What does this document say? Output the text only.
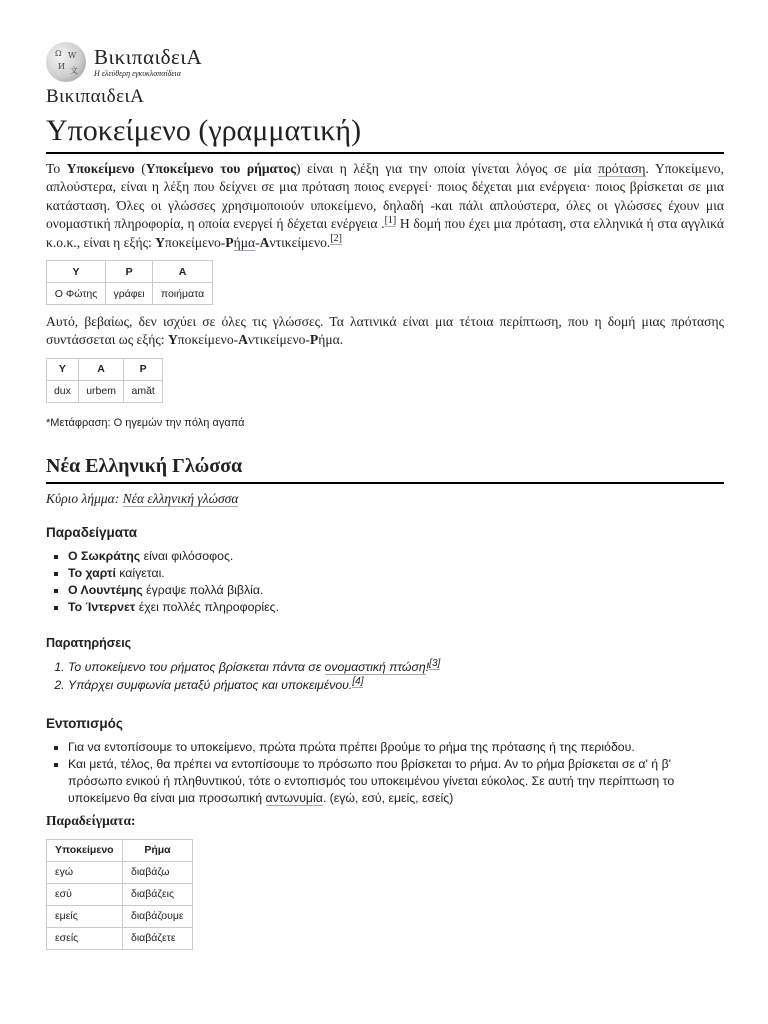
Ω W
И 文
ΒικιπαιδειΑ
Η ελεύθερη εγκυκλοπαίδεια
ΒικιπαιδειΑ
Υποκείμενο (γραμματική)

Το Υποκείμενο (Υποκείμενο του ρήματος) είναι η λέξη για την οποία γίνεται λόγος σε μία πρόταση. Υποκείμενο, απλούστερα, είναι η λέξη που δείχνει σε μια πρόταση ποιος ενεργεί· ποιος δέχεται μια ενέργεια· ποιος βρίσκεται σε μια κατάσταση. Όλες οι γλώσσες χρησιμοποιούν υποκείμενο, δηλαδή -και πάλι απλούστερα, όλες οι γλώσσες έχουν μια ονομαστική πληροφορία, η οποία ενεργεί ή δέχεται ενέργεια .[1] Η δομή που έχει μια πρόταση, στα ελληνικά ή στα αγγλικά κ.ο.κ., είναι η εξής: Υποκείμενο-Ρήμα-Αντικείμενο.[2]

Υ	Ρ	Α
Ο Φώτης	γράφει	ποιήματα

Αυτό, βεβαίως, δεν ισχύει σε όλες τις γλώσσες. Τα λατινικά είναι μια τέτοια περίπτωση, που η δομή μιας πρότασης συντάσσεται ως εξής: Υποκείμενο-Αντικείμενο-Ρήμα.

Υ	Α	Ρ
dux	urbem	amăt
*Μετάφραση: Ο ηγεμών την πόλη αγαπά
Νέα Ελληνική Γλώσσα
Κύριο λήμμα: Νέα ελληνική γλώσσα
Παραδείγματα
▪ Ο Σωκράτης είναι φιλόσοφος.
▪ Το χαρτί καίγεται.
▪ Ο Λουντέμης έγραψε πολλά βιβλία.
▪ Το Ίντερνετ έχει πολλές πληροφορίες.
Παρατηρήσεις
1. Το υποκείμενο του ρήματος βρίσκεται πάντα σε ονομαστική πτώση![3]
2. Υπάρχει συμφωνία μεταξύ ρήματος και υποκειμένου.[4]
Εντοπισμός
▪ Για να εντοπίσουμε το υποκείμενο, πρώτα πρώτα πρέπει βρούμε το ρήμα της πρότασης ή της περιόδου.
▪ Και μετά, τέλος, θα πρέπει να εντοπίσουμε το πρόσωπο που βρίσκεται το ρήμα. Αν το ρήμα βρίσκεται σε α' ή β' πρόσωπο ενικού ή πληθυντικού, τότε ο εντοπισμός του υποκειμένου γίνεται εύκολος. Σε αυτή την περίπτωση το υποκείμενο θα είναι μια προσωπική αντωνυμία. (εγώ, εσύ, εμείς, εσείς)
Παραδείγματα:
Υποκείμενο	Ρήμα
εγώ	διαβάζω
εσύ	διαβάζεις
εμείς	διαβάζουμε
εσείς	διαβάζετε
